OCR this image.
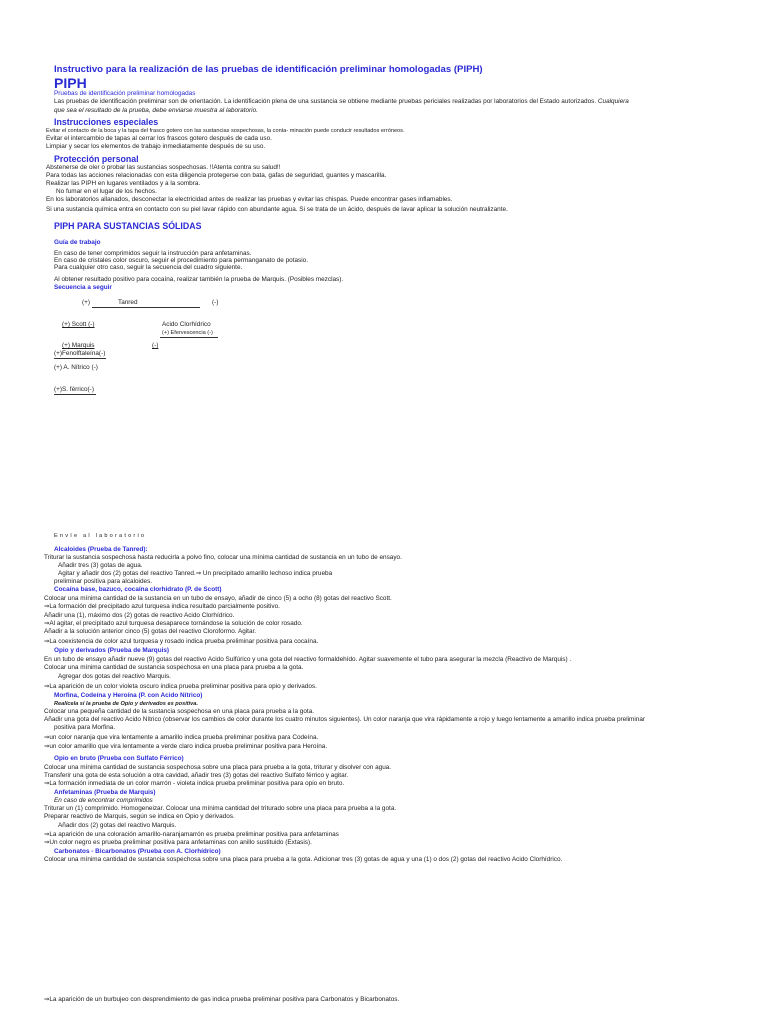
Instructivo para la realización de las pruebas de identificación preliminar homologadas (PIPH)
PIPH
Pruebas de identificación preliminar homologadas
Las pruebas de identificación preliminar son de orientación. La identificación plena de una sustancia se obtiene mediante pruebas periciales realizadas por laboratorios del Estado autorizados. Cualquiera
que sea el resultado de la prueba, debe enviarse muestra al laboratorio.
Instrucciones especiales
Evitar el contacto de la boca y la tapa del frasco gotero con las sustancias sospechosas, la conta- minación puede conducir resultados erróneos.
Evitar el intercambio de tapas al cerrar los frascos gotero después de cada uso.
Limpiar y secar los elementos de trabajo inmediatamente después de su uso.
Protección personal
Abstenerse de oler o probar las sustancias sospechosas. !!Atenta contra su salud!!
Para todas las acciones relacionadas con esta diligencia protegerse con bata, gafas de seguridad, guantes y mascarilla.
Realizar las PIPH en lugares ventilados y a la sombra.
No fumar en el lugar de los hechos.
En los laboratorios allanados, desconectar la electricidad antes de realizar las pruebas y evitar las chispas. Puede encontrar gases inflamables.
Si una sustancia química entra en contacto con su piel lavar rápido con abundante agua. Si se trata de un ácido, después de lavar aplicar la solución neutralizante.
PIPH PARA SUSTANCIAS SÓLIDAS
Guía de trabajo
En caso de tener comprimidos seguir la instrucción para anfetaminas.
En caso de cristales color oscuro, seguir el procedimiento para permanganato de potasio.
Para cualquier otro caso, seguir la secuencia del cuadro siguiente.
Al obtener resultado positivo para cocaína, realizar también la prueba de Marquis. (Posibles mezclas).
Secuencia a seguir
(+)	Tanred	(-)
(+) Scott (-)	Acido Clorhídrico
(+) Efervescencia (-)
(+) Marquis	(-)
(+)Fenolftaleína(-)
(+) A. Nítrico (-)
(+)S. férrico(-)
Envíe al laboratorio
Alcaloides (Prueba de Tanred):
Triturar la sustancia sospechosa hasta reducirla a polvo fino, colocar una mínima cantidad de sustancia en un tubo de ensayo.
Añadir tres (3) gotas de agua.
Agitar y añadir dos (2) gotas del reactivo Tanred.⇒ Un precipitado amarillo lechoso indica prueba
preliminar positiva para alcaloides.
Cocaína base, bazuco, cocaína clorhidrato (P. de Scott)
Colocar una mínima cantidad de la sustancia en un tubo de ensayo, añadir de cinco (5) a ocho (8) gotas del reactivo Scott.
⇒La formación del precipitado azul turquesa indica resultado parcialmente positivo.
Añadir una (1), máximo dos (2) gotas de reactivo Acido Clorhídrico.
⇒Al agitar, el precipitado azul turquesa desaparece tornándose la solución de color rosado.
Añadir a la solución anterior cinco (5) gotas del reactivo Cloroformo. Agitar.
⇒La coexistencia de color azul turquesa y rosado indica prueba preliminar positiva para cocaína.
Opio y derivados (Prueba de Marquis)
En un tubo de ensayo añadir nueve (9) gotas del reactivo Acido Sulfúrico y una gota del reactivo formaldehído. Agitar suavemente el tubo para asegurar la mezcla (Reactivo de Marquis) .
Colocar una mínima cantidad de sustancia sospechosa en una placa para prueba a la gota.
Agregar dos gotas del reactivo Marquis.
⇒La aparición de un color violeta oscuro indica prueba preliminar positiva para opio y derivados.
Morfina, Codeína y Heroína (P. con Acido Nítrico)
Realícela si la prueba de Opio y derivados es positiva.
Colocar una pequeña cantidad de la sustancia sospechosa en una placa para prueba a la gota.
Añadir una gota del reactivo Acido Nítrico (observar los cambios de color durante los cuatro minutos siguientes). Un color naranja que vira rápidamente a rojo y luego lentamente a amarillo indica prueba preliminar
positiva para Morfina.
⇒un color naranja que vira lentamente a amarillo indica prueba preliminar positiva para Codeína.
⇒un color amarillo que vira lentamente a verde claro indica prueba preliminar positiva para Heroína.
Opio en bruto (Prueba con Sulfato Férrico)
Colocar una mínima cantidad de sustancia sospechosa sobre una placa para prueba a la gota, triturar y disolver con agua.
Transferir una gota de esta solución a otra cavidad, añadir tres (3) gotas del reactivo Sulfato férrico y agitar.
⇒La formación inmediata de un color marrón - violeta indica prueba preliminar positiva para opio en bruto.
Anfetaminas (Prueba de Marquis)
En caso de encontrar comprimidos
Triturar un (1) comprimido. Homogeneizar. Colocar una mínima cantidad del triturado sobre una placa para prueba a la gota.
Preparar reactivo de Marquis, según se indica en Opio y derivados.
Añadir dos (2) gotas del reactivo Marquis.
⇒La aparición de una coloración amarillo-naranjamarrón es prueba preliminar positiva para anfetaminas
⇒Un color negro es prueba preliminar positiva para anfetaminas con anillo sustituido (Extasis).
Carbonatos - Bicarbonatos (Prueba con A. Clorhídrico)
Colocar una mínima cantidad de sustancia sospechosa sobre una placa para prueba a la gota. Adicionar tres (3) gotas de agua y una (1) o dos (2) gotas del reactivo Acido Clorhídrico.
⇒La aparición de un burbujeo con desprendimiento de gas indica prueba preliminar positiva para Carbonatos y Bicarbonatos.
